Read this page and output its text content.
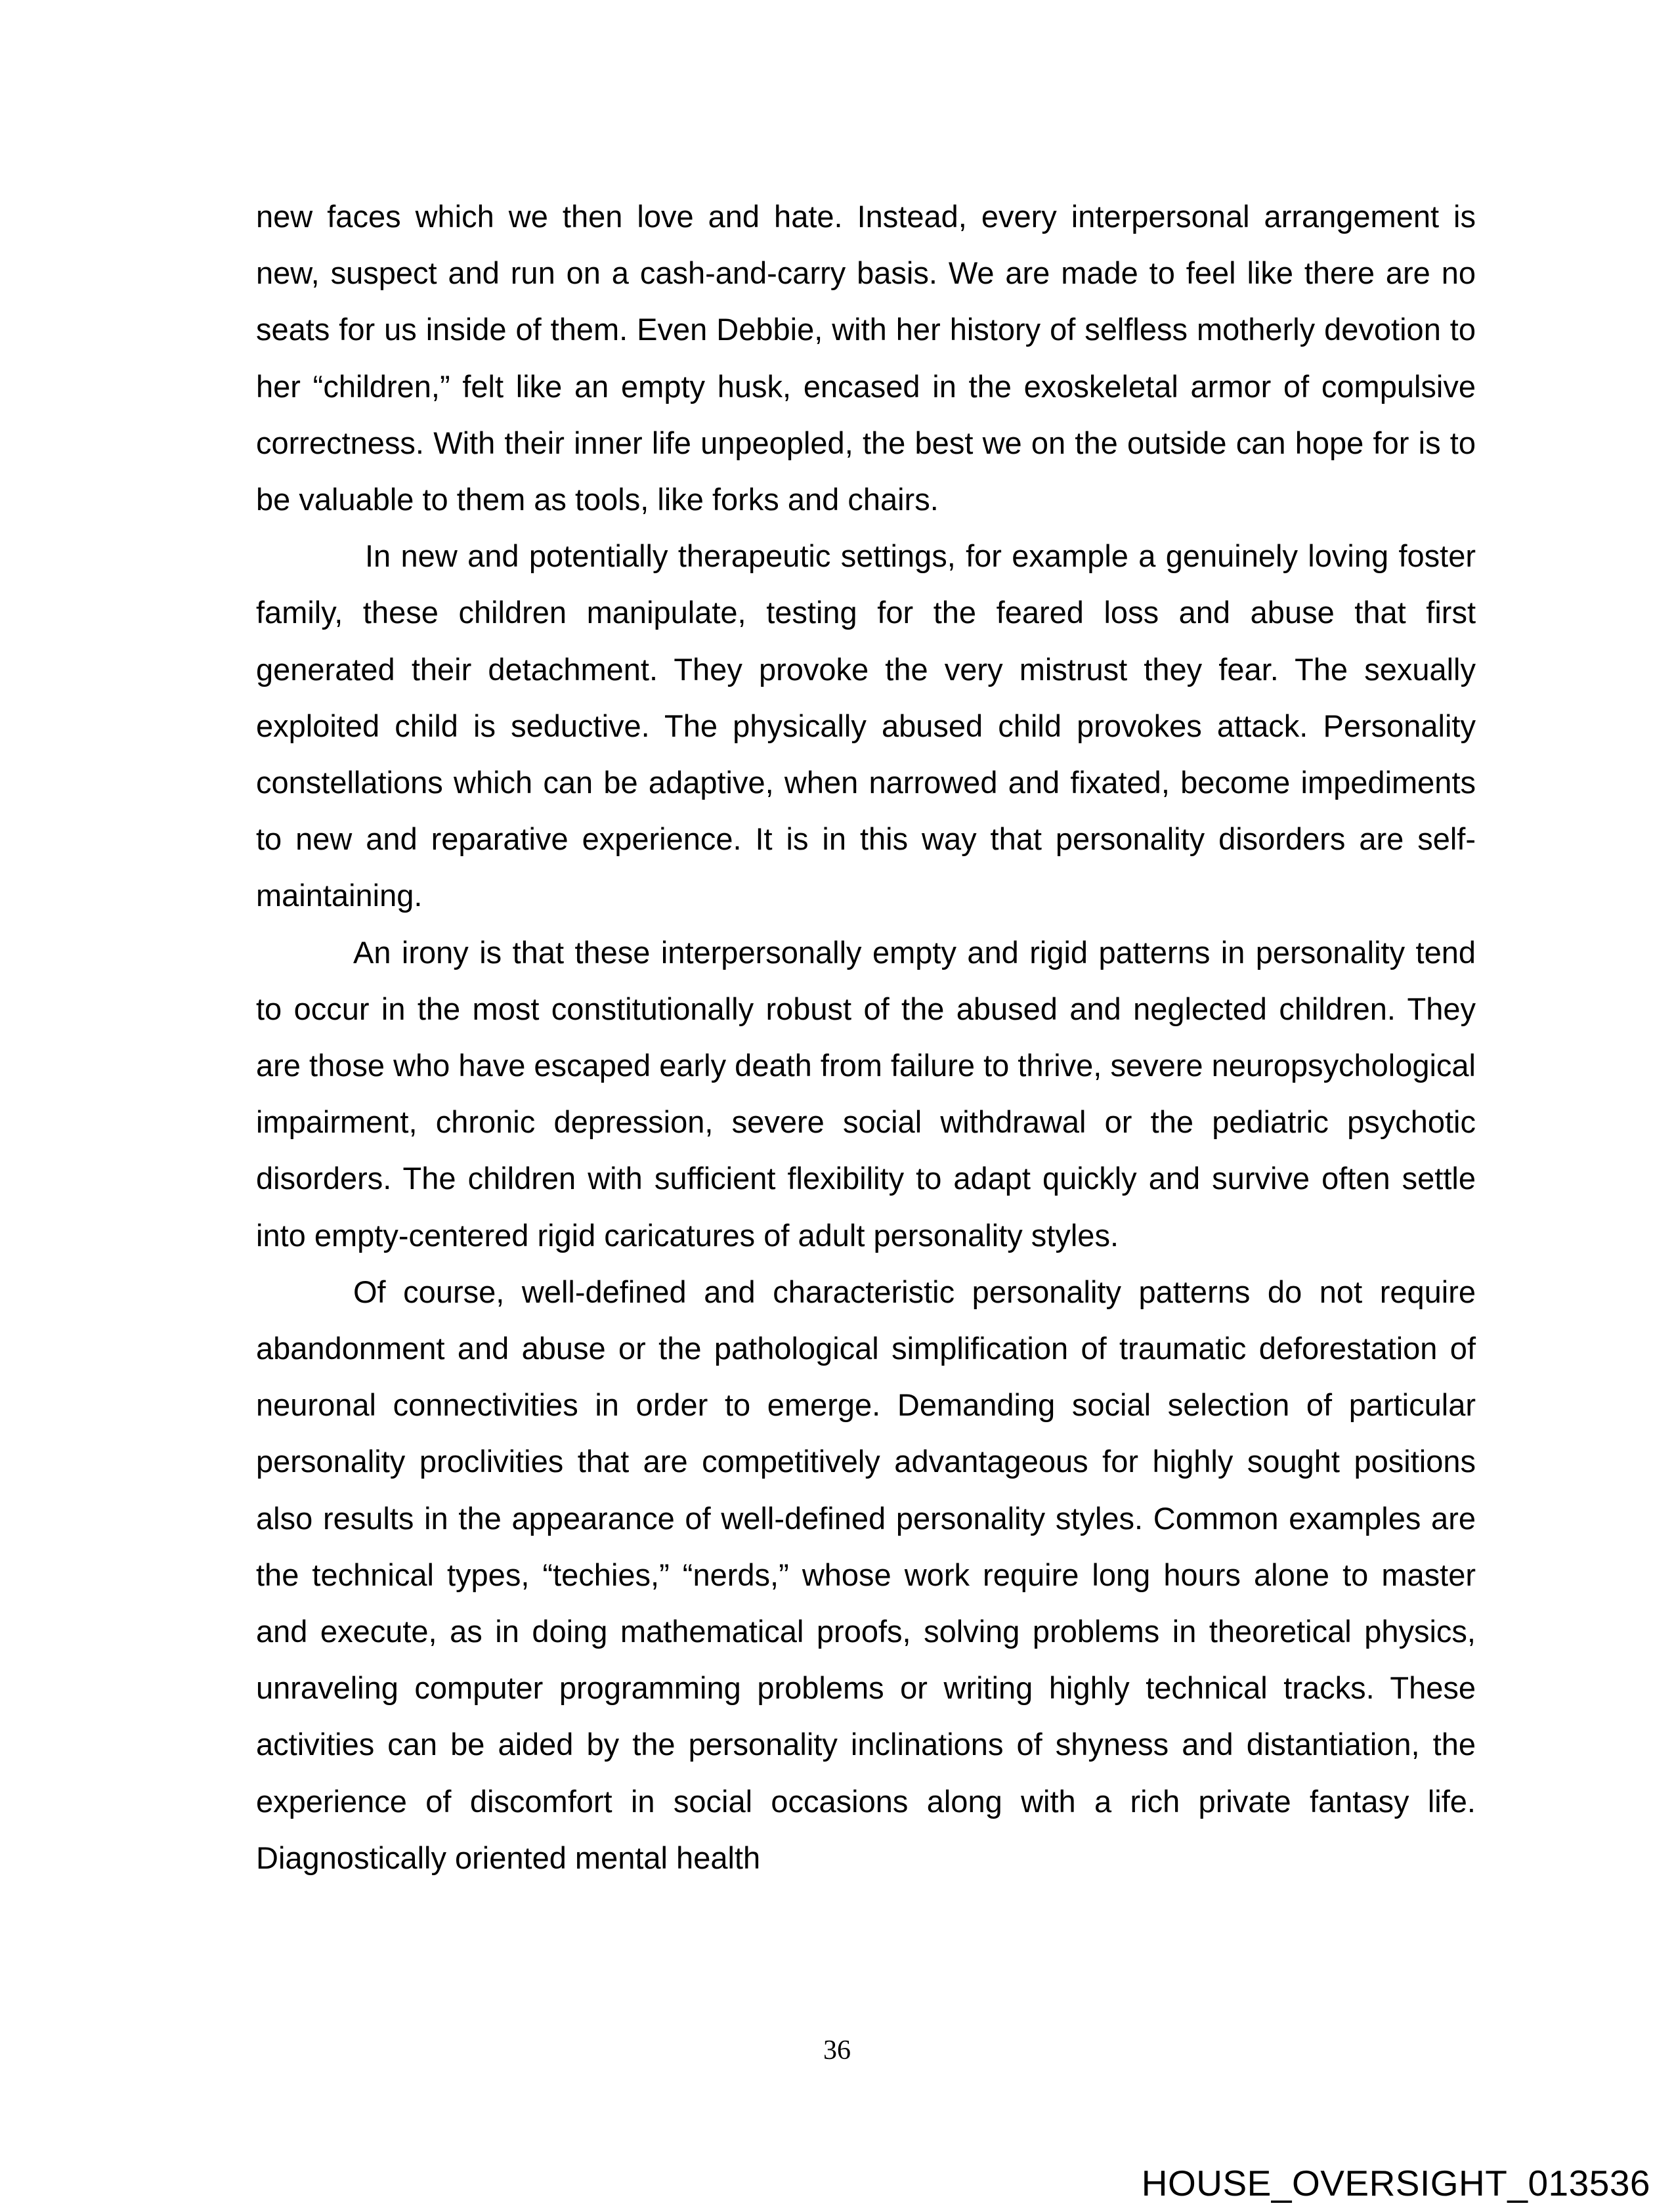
new faces which we then love and hate. Instead, every interpersonal arrangement is new, suspect and run on a cash-and-carry basis. We are made to feel like there are no seats for us inside of them. Even Debbie, with her history of selfless motherly devotion to her “children,” felt like an empty husk, encased in the exoskeletal armor of compulsive correctness. With their inner life unpeopled, the best we on the outside can hope for is to be valuable to them as tools, like forks and chairs.

In new and potentially therapeutic settings, for example a genuinely loving foster family, these children manipulate, testing for the feared loss and abuse that first generated their detachment. They provoke the very mistrust they fear. The sexually exploited child is seductive. The physically abused child provokes attack. Personality constellations which can be adaptive, when narrowed and fixated, become impediments to new and reparative experience. It is in this way that personality disorders are self-maintaining.

An irony is that these interpersonally empty and rigid patterns in personality tend to occur in the most constitutionally robust of the abused and neglected children. They are those who have escaped early death from failure to thrive, severe neuropsychological impairment, chronic depression, severe social withdrawal or the pediatric psychotic disorders. The children with sufficient flexibility to adapt quickly and survive often settle into empty-centered rigid caricatures of adult personality styles.

Of course, well-defined and characteristic personality patterns do not require abandonment and abuse or the pathological simplification of traumatic deforestation of neuronal connectivities in order to emerge. Demanding social selection of particular personality proclivities that are competitively advantageous for highly sought positions also results in the appearance of well-defined personality styles. Common examples are the technical types, “techies,” “nerds,” whose work require long hours alone to master and execute, as in doing mathematical proofs, solving problems in theoretical physics, unraveling computer programming problems or writing highly technical tracks. These activities can be aided by the personality inclinations of shyness and distantiation, the experience of discomfort in social occasions along with a rich private fantasy life. Diagnostically oriented mental health

36
HOUSE_OVERSIGHT_013536
